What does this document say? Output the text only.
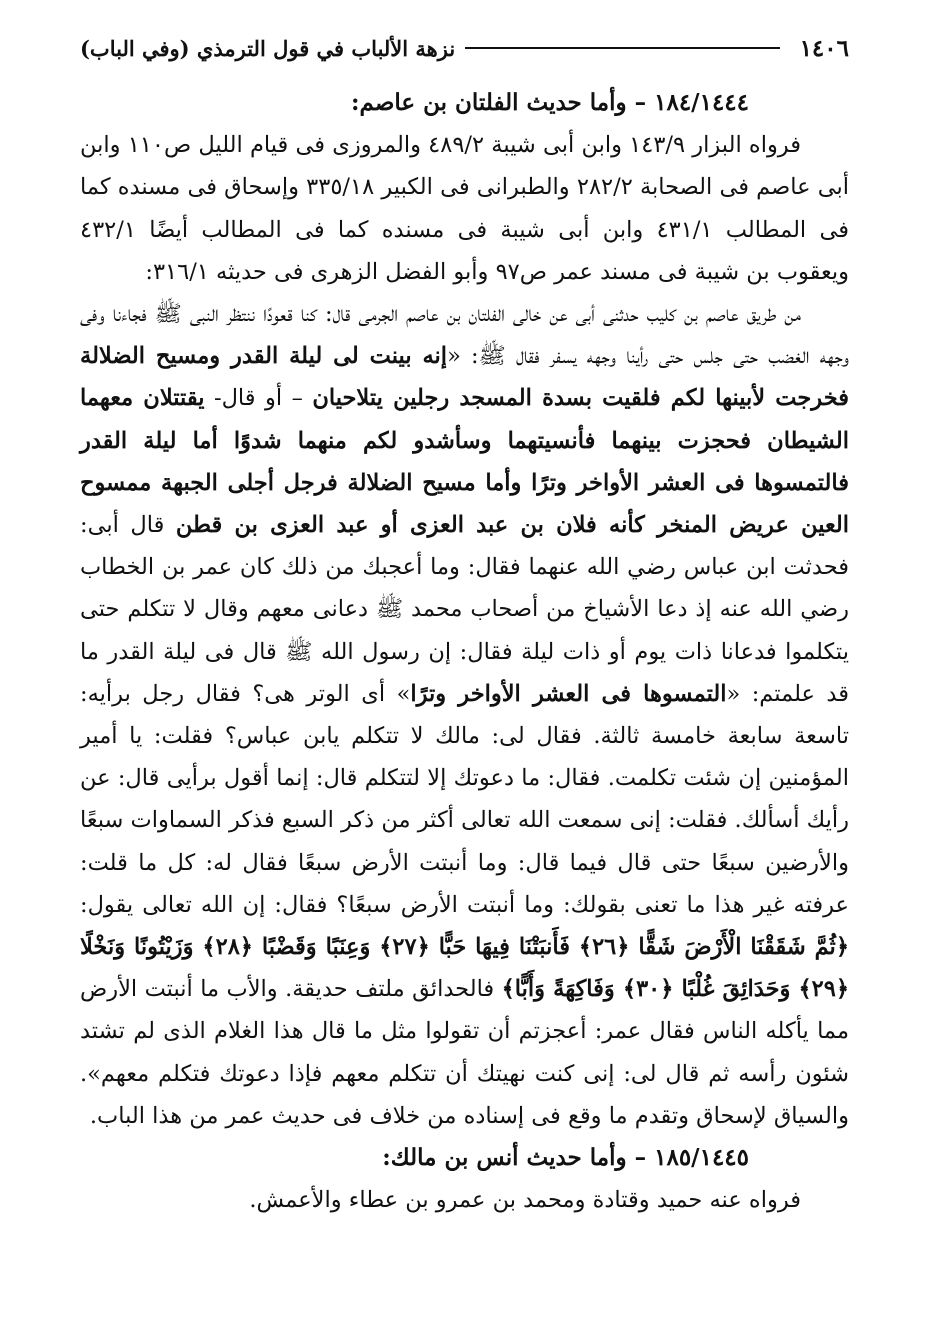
١٤٠٦
نزهة الألباب في قول الترمذي (وفي الباب)

١٨٤/١٤٤٤ – وأما حديث الفلتان بن عاصم:

فرواه البزار ١٤٣/٩ وابن أبى شيبة ٤٨٩/٢ والمروزى فى قيام الليل ص١١٠ وابن أبى عاصم فى الصحابة ٢٨٢/٢ والطبرانى فى الكبير ٣٣٥/١٨ وإسحاق فى مسنده كما فى المطالب ٤٣١/١ وابن أبى شيبة فى مسنده كما فى المطالب أيضًا ٤٣٢/١ ويعقوب بن شيبة فى مسند عمر ص٩٧ وأبو الفضل الزهرى فى حديثه ٣١٦/١:

من طريق عاصم بن كليب حدثنى أبى عن خالى الفلتان بن عاصم الجرمى قال: كنا قعودًا ننتظر النبى ﷺ فجاءنا وفى وجهه الغضب حتى جلس حتى رأينا وجهه يسفر فقال ﷺ: «إنه بينت لى ليلة القدر ومسيح الضلالة فخرجت لأبينها لكم فلقيت بسدة المسجد رجلين يتلاحيان – أو قال- يقتتلان معهما الشيطان فحجزت بينهما فأنسيتهما وسأشدو لكم منهما شدوًا أما ليلة القدر فالتمسوها فى العشر الأواخر وترًا وأما مسيح الضلالة فرجل أجلى الجبهة ممسوح العين عريض المنخر كأنه فلان بن عبد العزى أو عبد العزى بن قطن قال أبى: فحدثت ابن عباس رضي الله عنهما فقال: وما أعجبك من ذلك كان عمر بن الخطاب رضي الله عنه إذ دعا الأشياخ من أصحاب محمد ﷺ دعانى معهم وقال لا تتكلم حتى يتكلموا فدعانا ذات يوم أو ذات ليلة فقال: إن رسول الله ﷺ قال فى ليلة القدر ما قد علمتم: «التمسوها فى العشر الأواخر وترًا» أى الوتر هى؟ فقال رجل برأيه: تاسعة سابعة خامسة ثالثة. فقال لى: مالك لا تتكلم يابن عباس؟ فقلت: يا أمير المؤمنين إن شئت تكلمت. فقال: ما دعوتك إلا لتتكلم قال: إنما أقول برأيى قال: عن رأيك أسألك. فقلت: إنى سمعت الله تعالى أكثر من ذكر السبع فذكر السماوات سبعًا والأرضين سبعًا حتى قال فيما قال: وما أنبتت الأرض سبعًا فقال له: كل ما قلت: عرفته غير هذا ما تعنى بقولك: وما أنبتت الأرض سبعًا؟ فقال: إن الله تعالى يقول: ﴿ثُمَّ شَقَقْنَا الْأَرْضَ شَقًّا ﴿٢٦﴾ فَأَنبَتْنَا فِيهَا حَبًّا ﴿٢٧﴾ وَعِنَبًا وَقَضْبًا ﴿٢٨﴾ وَزَيْتُونًا وَنَخْلًا ﴿٢٩﴾ وَحَدَائِقَ غُلْبًا ﴿٣٠﴾ وَفَاكِهَةً وَأَبًّا﴾ فالحدائق ملتف حديقة. والأب ما أنبتت الأرض مما يأكله الناس فقال عمر: أعجزتم أن تقولوا مثل ما قال هذا الغلام الذى لم تشتد شئون رأسه ثم قال لى: إنى كنت نهيتك أن تتكلم معهم فإذا دعوتك فتكلم معهم». والسياق لإسحاق وتقدم ما وقع فى إسناده من خلاف فى حديث عمر من هذا الباب.

١٨٥/١٤٤٥ – وأما حديث أنس بن مالك:

فرواه عنه حميد وقتادة ومحمد بن عمرو بن عطاء والأعمش.
